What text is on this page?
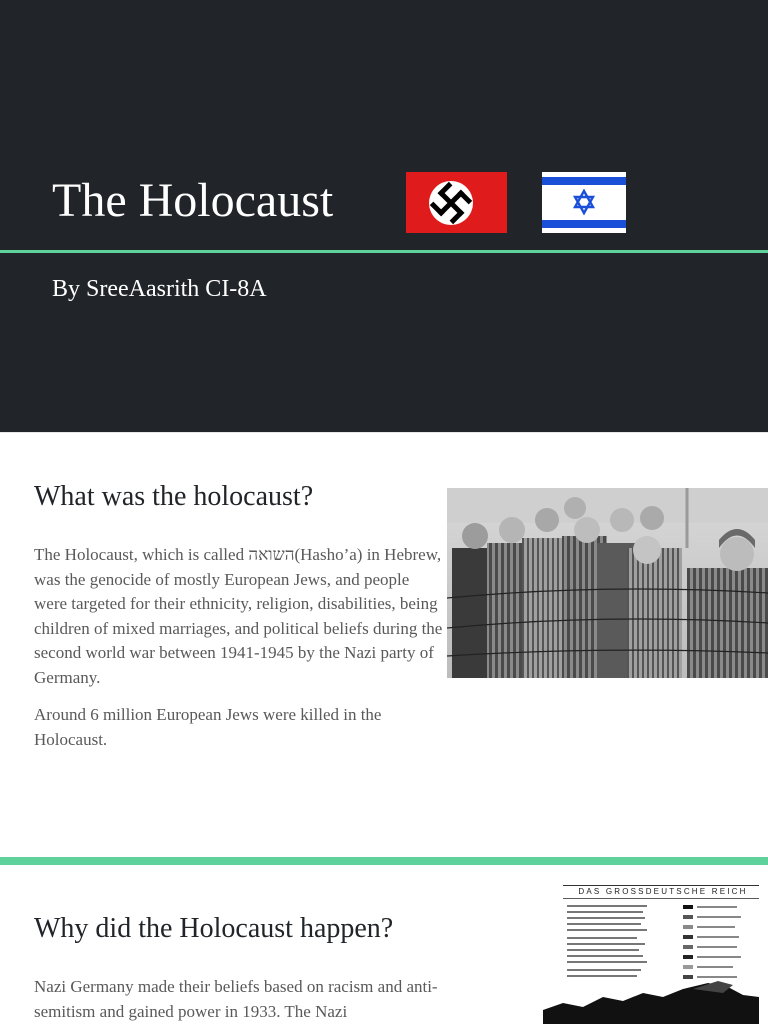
The Holocaust
By SreeAasrith CI-8A
What was the holocaust?

The Holocaust, which is called השואה(Hasho’a) in Hebrew, was the genocide of mostly European Jews, and people were targeted for their ethnicity, religion, disabilities, being children of mixed marriages, and political beliefs during the second world war between 1941-1945 by the Nazi party of Germany.

Around 6 million European Jews were killed in the Holocaust.

Why did the Holocaust happen?
Nazi Germany made their beliefs based on racism and anti-semitism and gained power in 1933. The Nazi
DAS GROSSDEUTSCHE REICH
